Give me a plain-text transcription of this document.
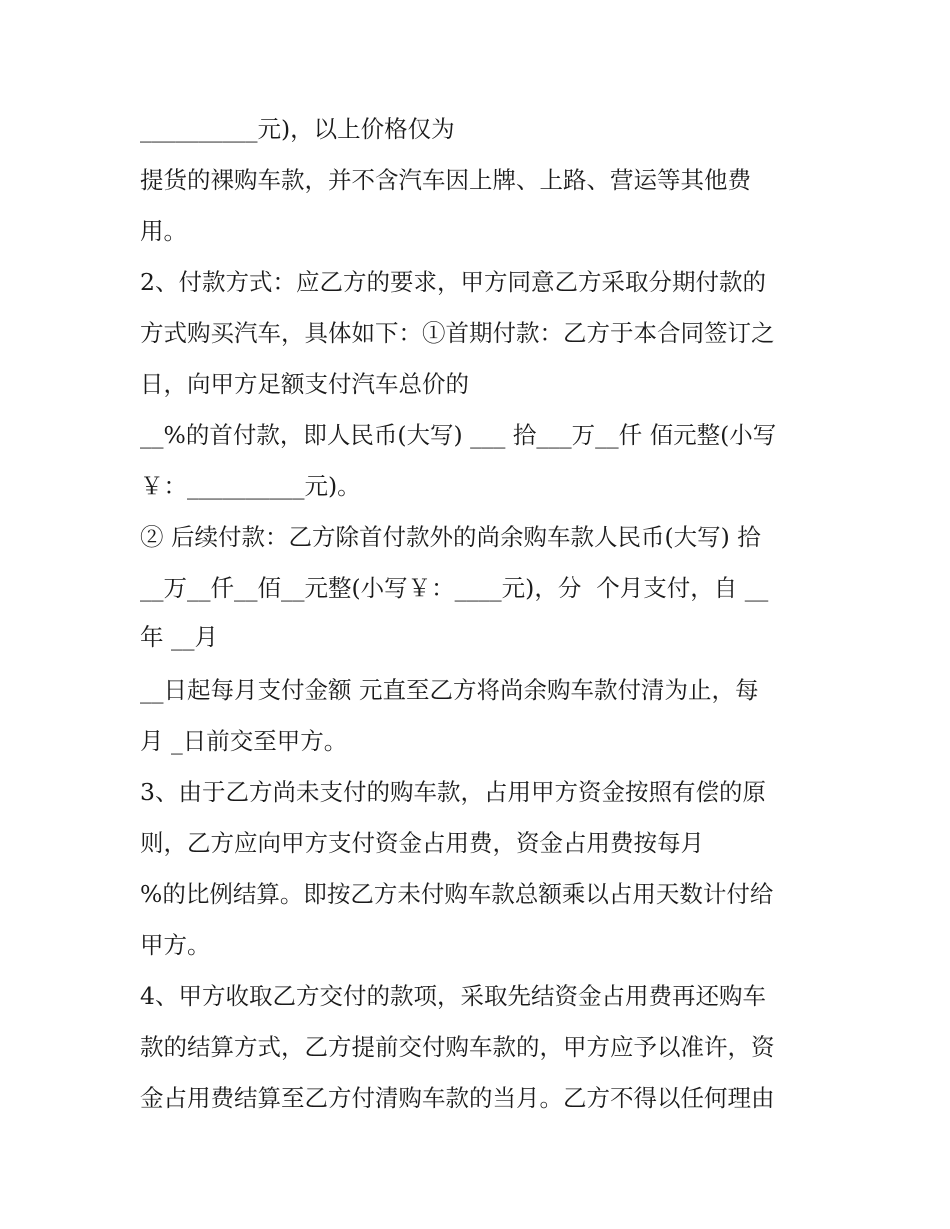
__________元)，以上价格仅为
提货的裸购车款，并不含汽车因上牌、上路、营运等其他费
用。
2、付款方式：应乙方的要求，甲方同意乙方采取分期付款的
方式购买汽车，具体如下：①首期付款：乙方于本合同签订之
日，向甲方足额支付汽车总价的
__%的首付款，即人民币(大写) ___ 拾___万__仟 佰元整(小写
￥：__________元)。
② 后续付款：乙方除首付款外的尚余购车款人民币(大写) 拾
__万__仟__佰__元整(小写￥：____元)，分  个月支付，自 __
年 __月
__日起每月支付金额 元直至乙方将尚余购车款付清为止，每
月 _日前交至甲方。
3、由于乙方尚未支付的购车款，占用甲方资金按照有偿的原
则，乙方应向甲方支付资金占用费，资金占用费按每月
%的比例结算。即按乙方未付购车款总额乘以占用天数计付给
甲方。
4、甲方收取乙方交付的款项，采取先结资金占用费再还购车
款的结算方式，乙方提前交付购车款的，甲方应予以准许，资
金占用费结算至乙方付清购车款的当月。乙方不得以任何理由
